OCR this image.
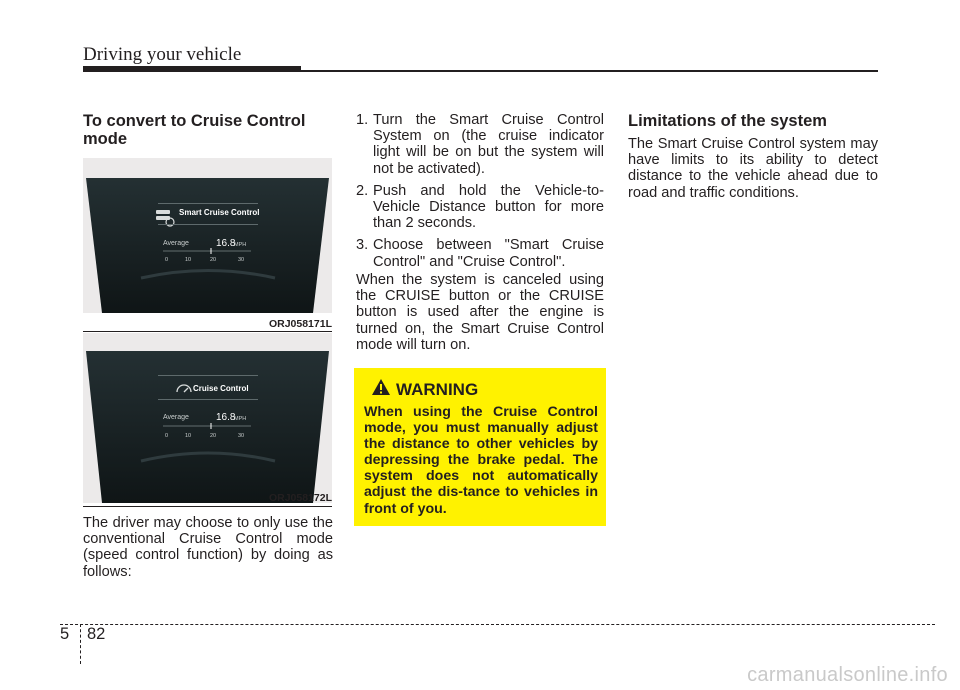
Driving your vehicle
To convert to Cruise Control mode
Smart Cruise Control
Average	16.8
MPH
0	10	20	30
ORJ058171L
Cruise Control
Average	16.8
MPH
0	10	20	30
ORJ058172L
The driver may choose to only use the conventional Cruise Control mode (speed control function) by doing as follows:
1. Turn the Smart Cruise Control System on (the cruise indicator light will be on but the system will not be activated).
2. Push and hold the Vehicle-to-Vehicle Distance button for more than 2 seconds.
3. Choose between "Smart Cruise Control" and "Cruise Control".
When the system is canceled using the CRUISE button or the CRUISE button is used after the engine is turned on, the Smart Cruise Control mode will turn on.
WARNING
When using the Cruise Control mode, you must manually adjust the distance to other vehicles by depressing the brake pedal. The system does not automatically adjust the dis-tance to vehicles in front of you.
Limitations of the system
The Smart Cruise Control system may have limits to its ability to detect distance to the vehicle ahead due to road and traffic conditions.
5 82
carmanualsonline.info
